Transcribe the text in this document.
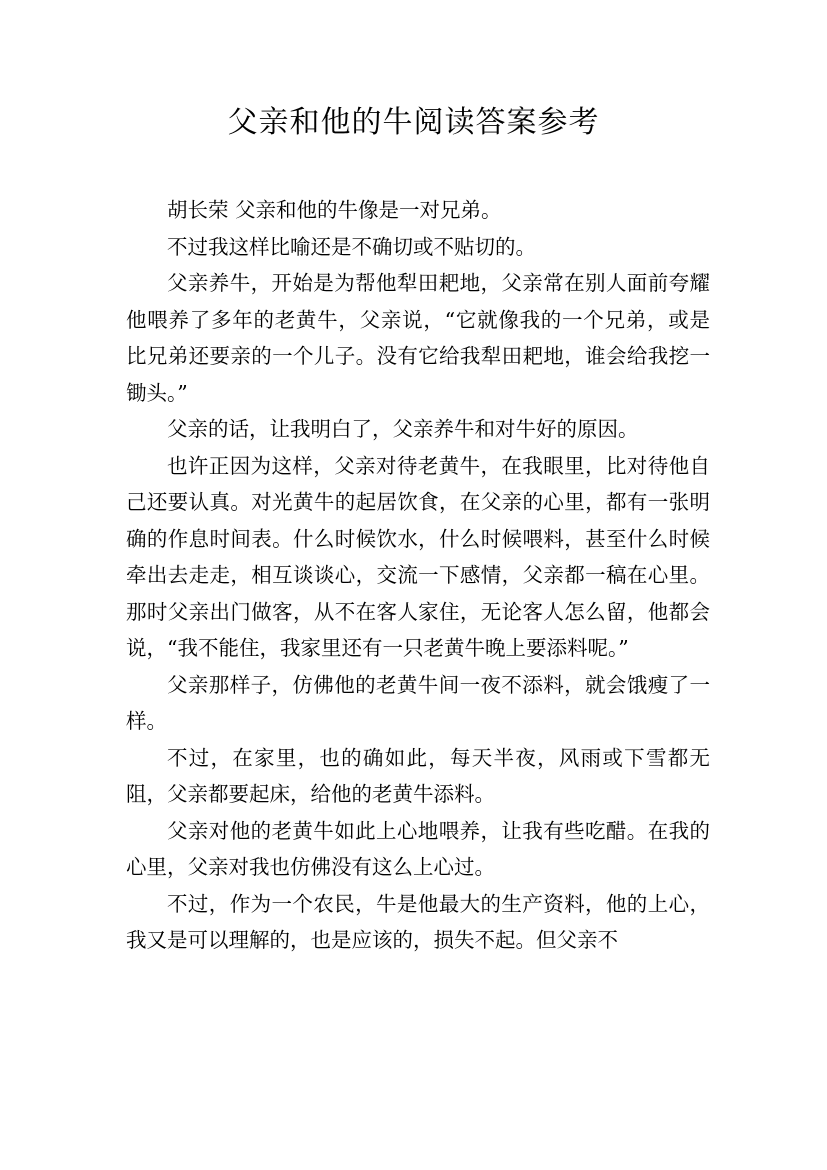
父亲和他的牛阅读答案参考

胡长荣 父亲和他的牛像是一对兄弟。

不过我这样比喻还是不确切或不贴切的。

父亲养牛，开始是为帮他犁田耙地，父亲常在别人面前夸耀他喂养了多年的老黄牛，父亲说，“它就像我的一个兄弟，或是比兄弟还要亲的一个儿子。没有它给我犁田耙地，谁会给我挖一锄头。”

父亲的话，让我明白了，父亲养牛和对牛好的原因。

也许正因为这样，父亲对待老黄牛，在我眼里，比对待他自己还要认真。对光黄牛的起居饮食，在父亲的心里，都有一张明确的作息时间表。什么时候饮水，什么时候喂料，甚至什么时候牵出去走走，相互谈谈心，交流一下感情，父亲都一稿在心里。那时父亲出门做客，从不在客人家住，无论客人怎么留，他都会说，“我不能住，我家里还有一只老黄牛晚上要添料呢。”

父亲那样子，仿佛他的老黄牛间一夜不添料，就会饿瘦了一样。

不过，在家里，也的确如此，每天半夜，风雨或下雪都无阻，父亲都要起床，给他的老黄牛添料。

父亲对他的老黄牛如此上心地喂养，让我有些吃醋。在我的心里，父亲对我也仿佛没有这么上心过。

不过，作为一个农民，牛是他最大的生产资料，他的上心，我又是可以理解的，也是应该的，损失不起。但父亲不
